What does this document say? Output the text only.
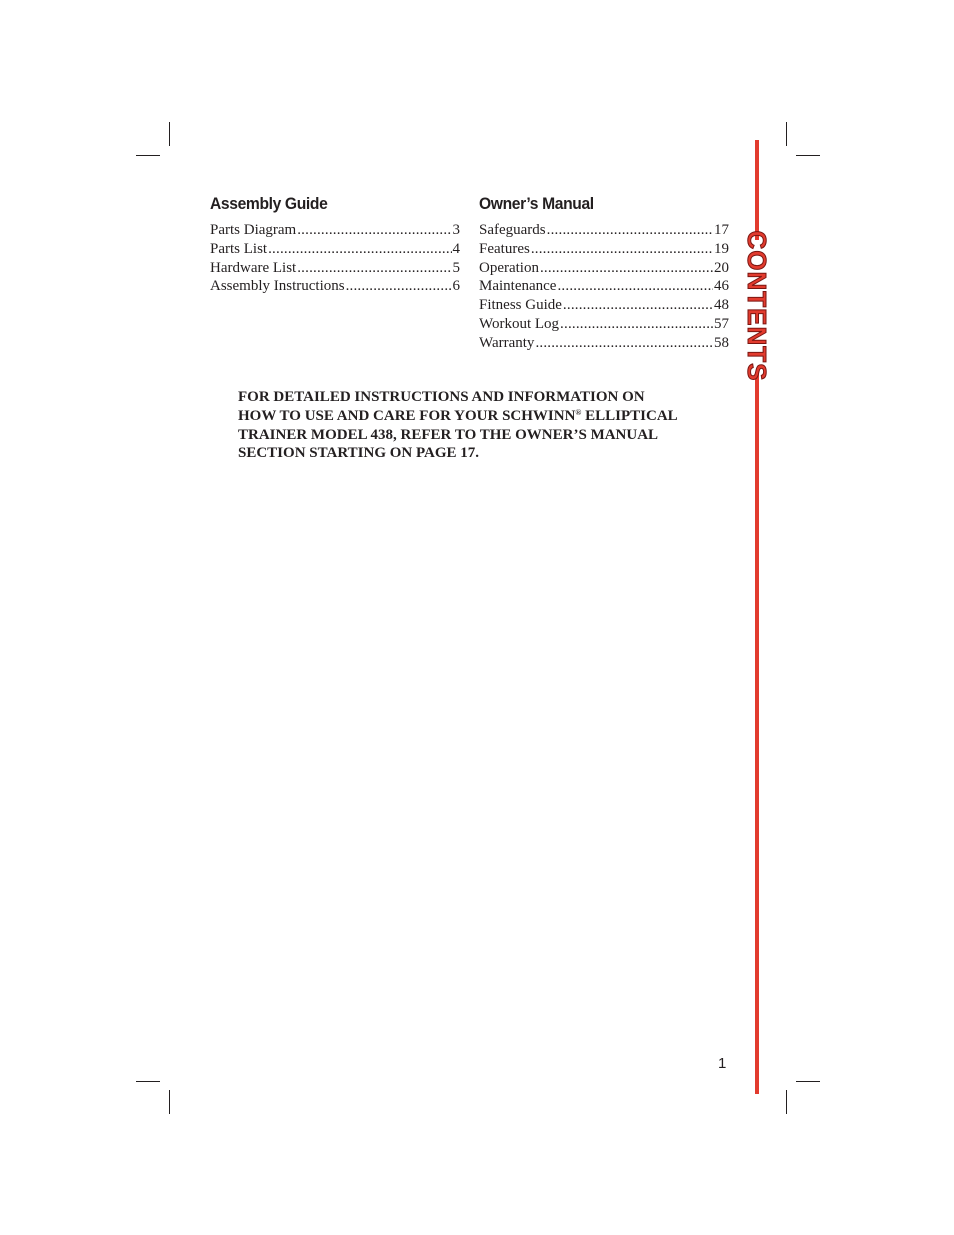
Assembly Guide
Parts Diagram .....	3
Parts List .....	4
Hardware List .....	5
Assembly Instructions .....	6
Owner’s Manual
Safeguards .....	17
Features .....	19
Operation .....	20
Maintenance .....	46
Fitness Guide .....	48
Workout Log .....	57
Warranty .....	58
FOR DETAILED INSTRUCTIONS AND INFORMATION ON
HOW TO USE AND CARE FOR YOUR SCHWINN® ELLIPTICAL
TRAINER MODEL 438, REFER TO THE OWNER’S MANUAL
SECTION STARTING ON PAGE 17.
CONTENTS
1
